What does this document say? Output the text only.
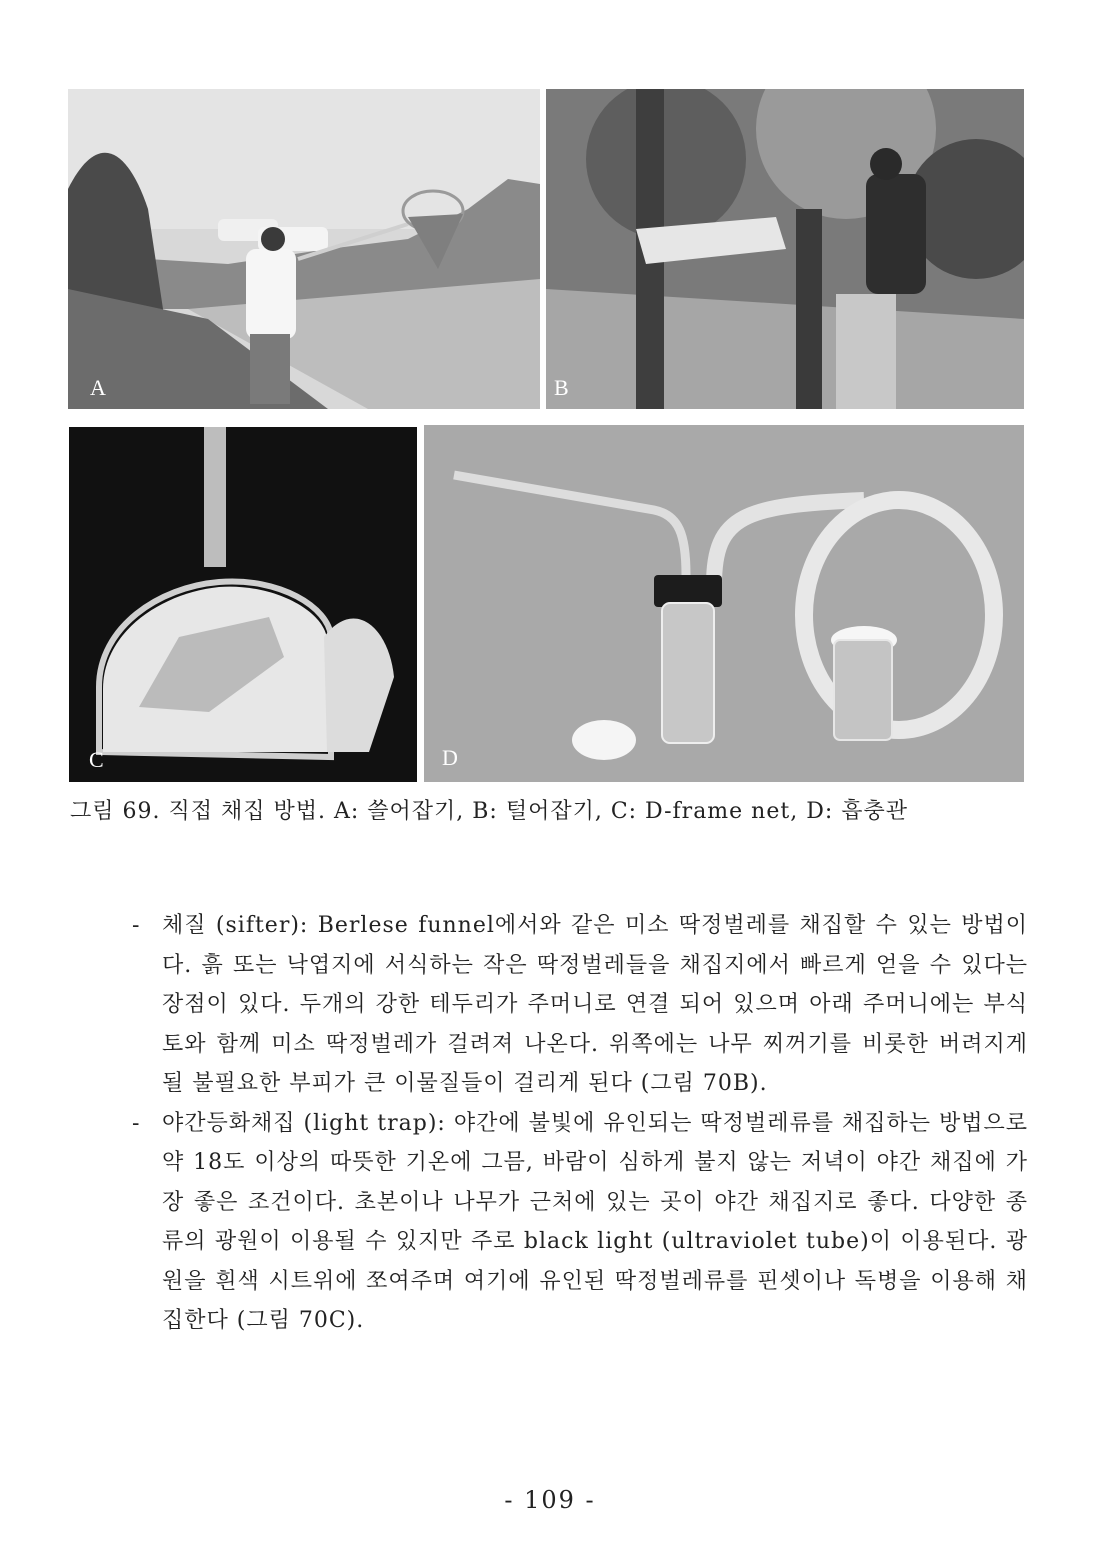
A	B
C	D
그림 69. 직접 채집 방법. A: 쓸어잡기, B: 털어잡기, C: D-frame net, D: 흡충관
- 체질 (sifter): Berlese funnel에서와 같은 미소 딱정벌레를 채집할 수 있는 방법이다. 흙 또는 낙엽지에 서식하는 작은 딱정벌레들을 채집지에서 빠르게 얻을 수 있다는 장점이 있다. 두개의 강한 테두리가 주머니로 연결 되어 있으며 아래 주머니에는 부식토와 함께 미소 딱정벌레가 걸려져 나온다. 위쪽에는 나무 찌꺼기를 비롯한 버려지게 될 불필요한 부피가 큰 이물질들이 걸리게 된다 (그림 70B).
- 야간등화채집 (light trap): 야간에 불빛에 유인되는 딱정벌레류를 채집하는 방법으로 약 18도 이상의 따뜻한 기온에 그믐, 바람이 심하게 불지 않는 저녁이 야간 채집에 가장 좋은 조건이다. 초본이나 나무가 근처에 있는 곳이 야간 채집지로 좋다. 다양한 종류의 광원이 이용될 수 있지만 주로 black light (ultraviolet tube)이 이용된다. 광원을 흰색 시트위에 쪼여주며 여기에 유인된 딱정벌레류를 핀셋이나 독병을 이용해 채집한다 (그림 70C).
- 109 -
